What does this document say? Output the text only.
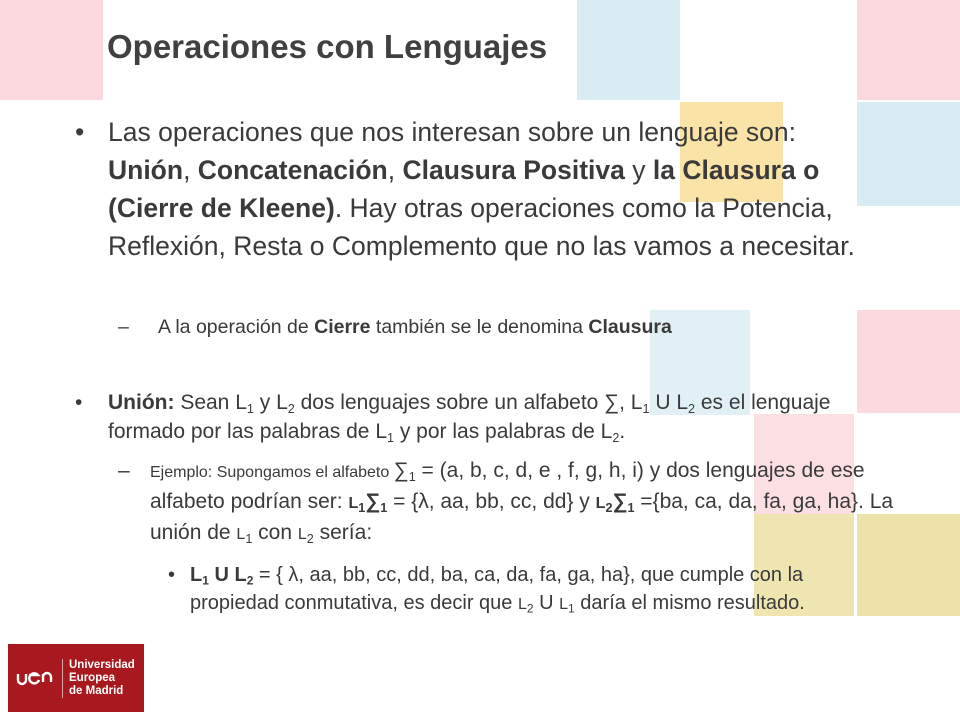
Operaciones con Lenguajes
• Las operaciones que nos interesan sobre un lenguaje son: Unión, Concatenación, Clausura Positiva y la Clausura o (Cierre de Kleene). Hay otras operaciones como la Potencia, Reflexión, Resta o Complemento que no las vamos a necesitar.
– A la operación de Cierre también se le denomina Clausura
• Unión: Sean $L_1$ y $L_2$ dos lenguajes sobre un alfabeto ∑, $L_1$ U $L_2$ es el lenguaje formado por las palabras de $L_1$ y por las palabras de $L_2$.
– Ejemplo: Supongamos el alfabeto $\sum_1 = (a$, b, c, d, e , f, g, h, i) y dos lenguajes de ese alfabeto podrían ser: $L_1\sum_1 = \{\lambda$, aa, bb, cc, dd} y $L_2\sum_1 =\{ba$, ca, da, fa, ga, ha}. La unión de $L_1$ con $L_2$ sería:
• $L_1$ U $L_2$ = { λ, aa, bb, cc, dd, ba, ca, da, fa, ga, ha}, que cumple con la propiedad conmutativa, es decir que $L_2$ U $L_1$ daría el mismo resultado.
Universidad
Europea
de Madrid
